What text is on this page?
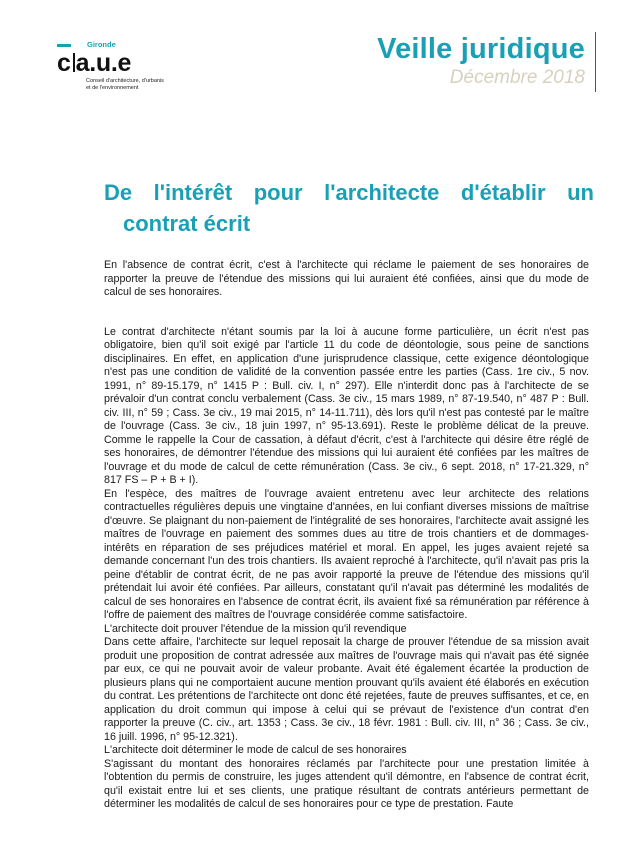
Gironde
c a.u.e
Conseil d'architecture, d'urbanis
et de l'environnement
Veille juridique
Décembre 2018
De l'intérêt pour l'architecte d'établir un
contrat écrit

En l'absence de contrat écrit, c'est à l'architecte qui réclame le paiement de ses honoraires de rapporter la preuve de l'étendue des missions qui lui auraient été confiées, ainsi que du mode de calcul de ses honoraires.

Le contrat d'architecte n'étant soumis par la loi à aucune forme particulière, un écrit n'est pas obligatoire, bien qu'il soit exigé par l'article 11 du code de déontologie, sous peine de sanctions disciplinaires. En effet, en application d'une jurisprudence classique, cette exigence déontologique n'est pas une condition de validité de la convention passée entre les parties (Cass. 1re civ., 5 nov. 1991, n° 89-15.179, n° 1415 P : Bull. civ. I, n° 297). Elle n'interdit donc pas à l'architecte de se prévaloir d'un contrat conclu verbalement (Cass. 3e civ., 15 mars 1989, n° 87-19.540, n° 487 P : Bull. civ. III, n° 59 ; Cass. 3e civ., 19 mai 2015, n° 14-11.711), dès lors qu'il n'est pas contesté par le maître de l'ouvrage (Cass. 3e civ., 18 juin 1997, n° 95-13.691). Reste le problème délicat de la preuve. Comme le rappelle la Cour de cassation, à défaut d'écrit, c'est à l'architecte qui désire être réglé de ses honoraires, de démontrer l'étendue des missions qui lui auraient été confiées par les maîtres de l'ouvrage et du mode de calcul de cette rémunération (Cass. 3e civ., 6 sept. 2018, n° 17-21.329, n° 817 FS – P + B + I).

En l'espèce, des maîtres de l'ouvrage avaient entretenu avec leur architecte des relations contractuelles régulières depuis une vingtaine d'années, en lui confiant diverses missions de maîtrise d'œuvre. Se plaignant du non-paiement de l'intégralité de ses honoraires, l'architecte avait assigné les maîtres de l'ouvrage en paiement des sommes dues au titre de trois chantiers et de dommages-intérêts en réparation de ses préjudices matériel et moral. En appel, les juges avaient rejeté sa demande concernant l'un des trois chantiers. Ils avaient reproché à l'architecte, qu'il n'avait pas pris la peine d'établir de contrat écrit, de ne pas avoir rapporté la preuve de l'étendue des missions qu'il prétendait lui avoir été confiées. Par ailleurs, constatant qu'il n'avait pas déterminé les modalités de calcul de ses honoraires en l'absence de contrat écrit, ils avaient fixé sa rémunération par référence à l'offre de paiement des maîtres de l'ouvrage considérée comme satisfactoire.

L'architecte doit prouver l'étendue de la mission qu'il revendique

Dans cette affaire, l'architecte sur lequel reposait la charge de prouver l'étendue de sa mission avait produit une proposition de contrat adressée aux maîtres de l'ouvrage mais qui n'avait pas été signée par eux, ce qui ne pouvait avoir de valeur probante. Avait été également écartée la production de plusieurs plans qui ne comportaient aucune mention prouvant qu'ils avaient été élaborés en exécution du contrat. Les prétentions de l'architecte ont donc été rejetées, faute de preuves suffisantes, et ce, en application du droit commun qui impose à celui qui se prévaut de l'existence d'un contrat d'en rapporter la preuve (C. civ., art. 1353 ; Cass. 3e civ., 18 févr. 1981 : Bull. civ. III, n° 36 ; Cass. 3e civ., 16 juill. 1996, n° 95-12.321).

L'architecte doit déterminer le mode de calcul de ses honoraires

S'agissant du montant des honoraires réclamés par l'architecte pour une prestation limitée à l'obtention du permis de construire, les juges attendent qu'il démontre, en l'absence de contrat écrit, qu'il existait entre lui et ses clients, une pratique résultant de contrats antérieurs permettant de déterminer les modalités de calcul de ses honoraires pour ce type de prestation. Faute
